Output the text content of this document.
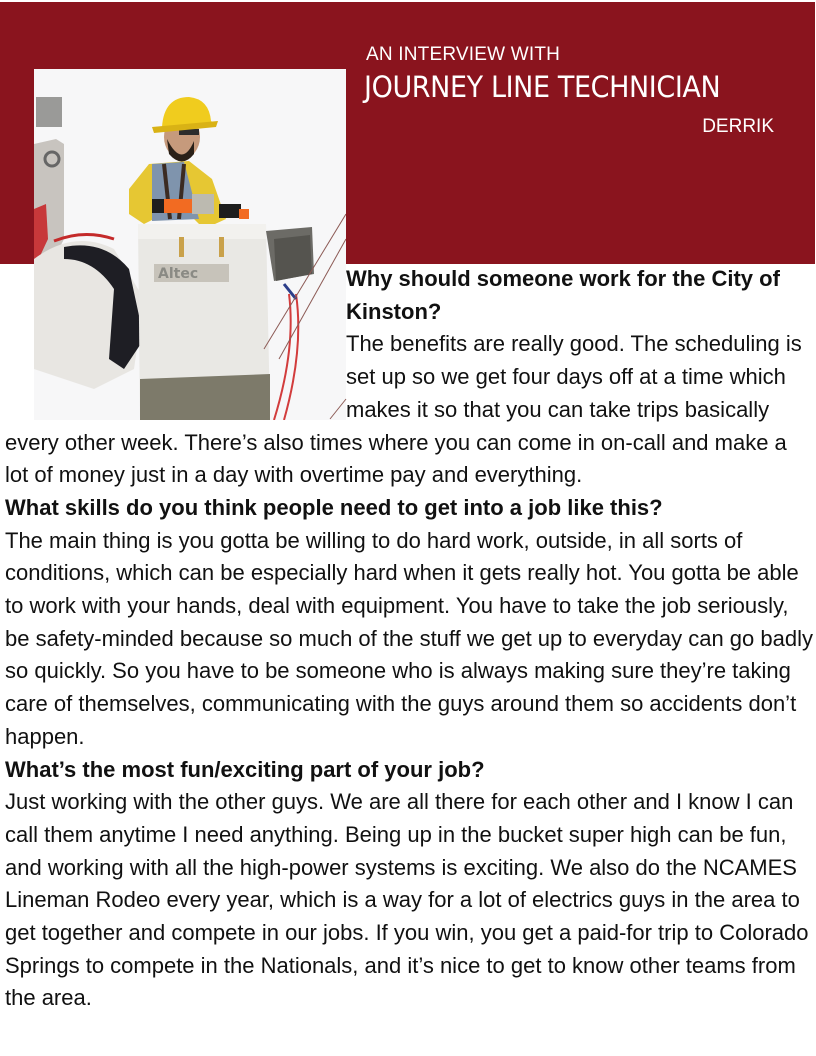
AN INTERVIEW WITH
JOURNEY LINE TECHNICIAN
DERRIK
Altec	Why should someone work for the City of Kinston?
The benefits are really good. The scheduling is set up so we get four days off at a time which makes it so that you can take trips basically every other week. There’s also times where you can come in on-call and make a lot of money just in a day with overtime pay and everything.
What skills do you think people need to get into a job like this?
The main thing is you gotta be willing to do hard work, outside, in all sorts of conditions, which can be especially hard when it gets really hot. You gotta be able to work with your hands, deal with equipment. You have to take the job seriously, be safety-minded because so much of the stuff we get up to everyday can go badly so quickly. So you have to be someone who is always making sure they’re taking care of themselves, communicating with the guys around them so accidents don’t happen.
What’s the most fun/exciting part of your job?
Just working with the other guys. We are all there for each other and I know I can call them anytime I need anything. Being up in the bucket super high can be fun, and working with all the high-power systems is exciting. We also do the NCAMES Lineman Rodeo every year, which is a way for a lot of electrics guys in the area to get together and compete in our jobs. If you win, you get a paid-for trip to Colorado Springs to compete in the Nationals, and it’s nice to get to know other teams from the area.
